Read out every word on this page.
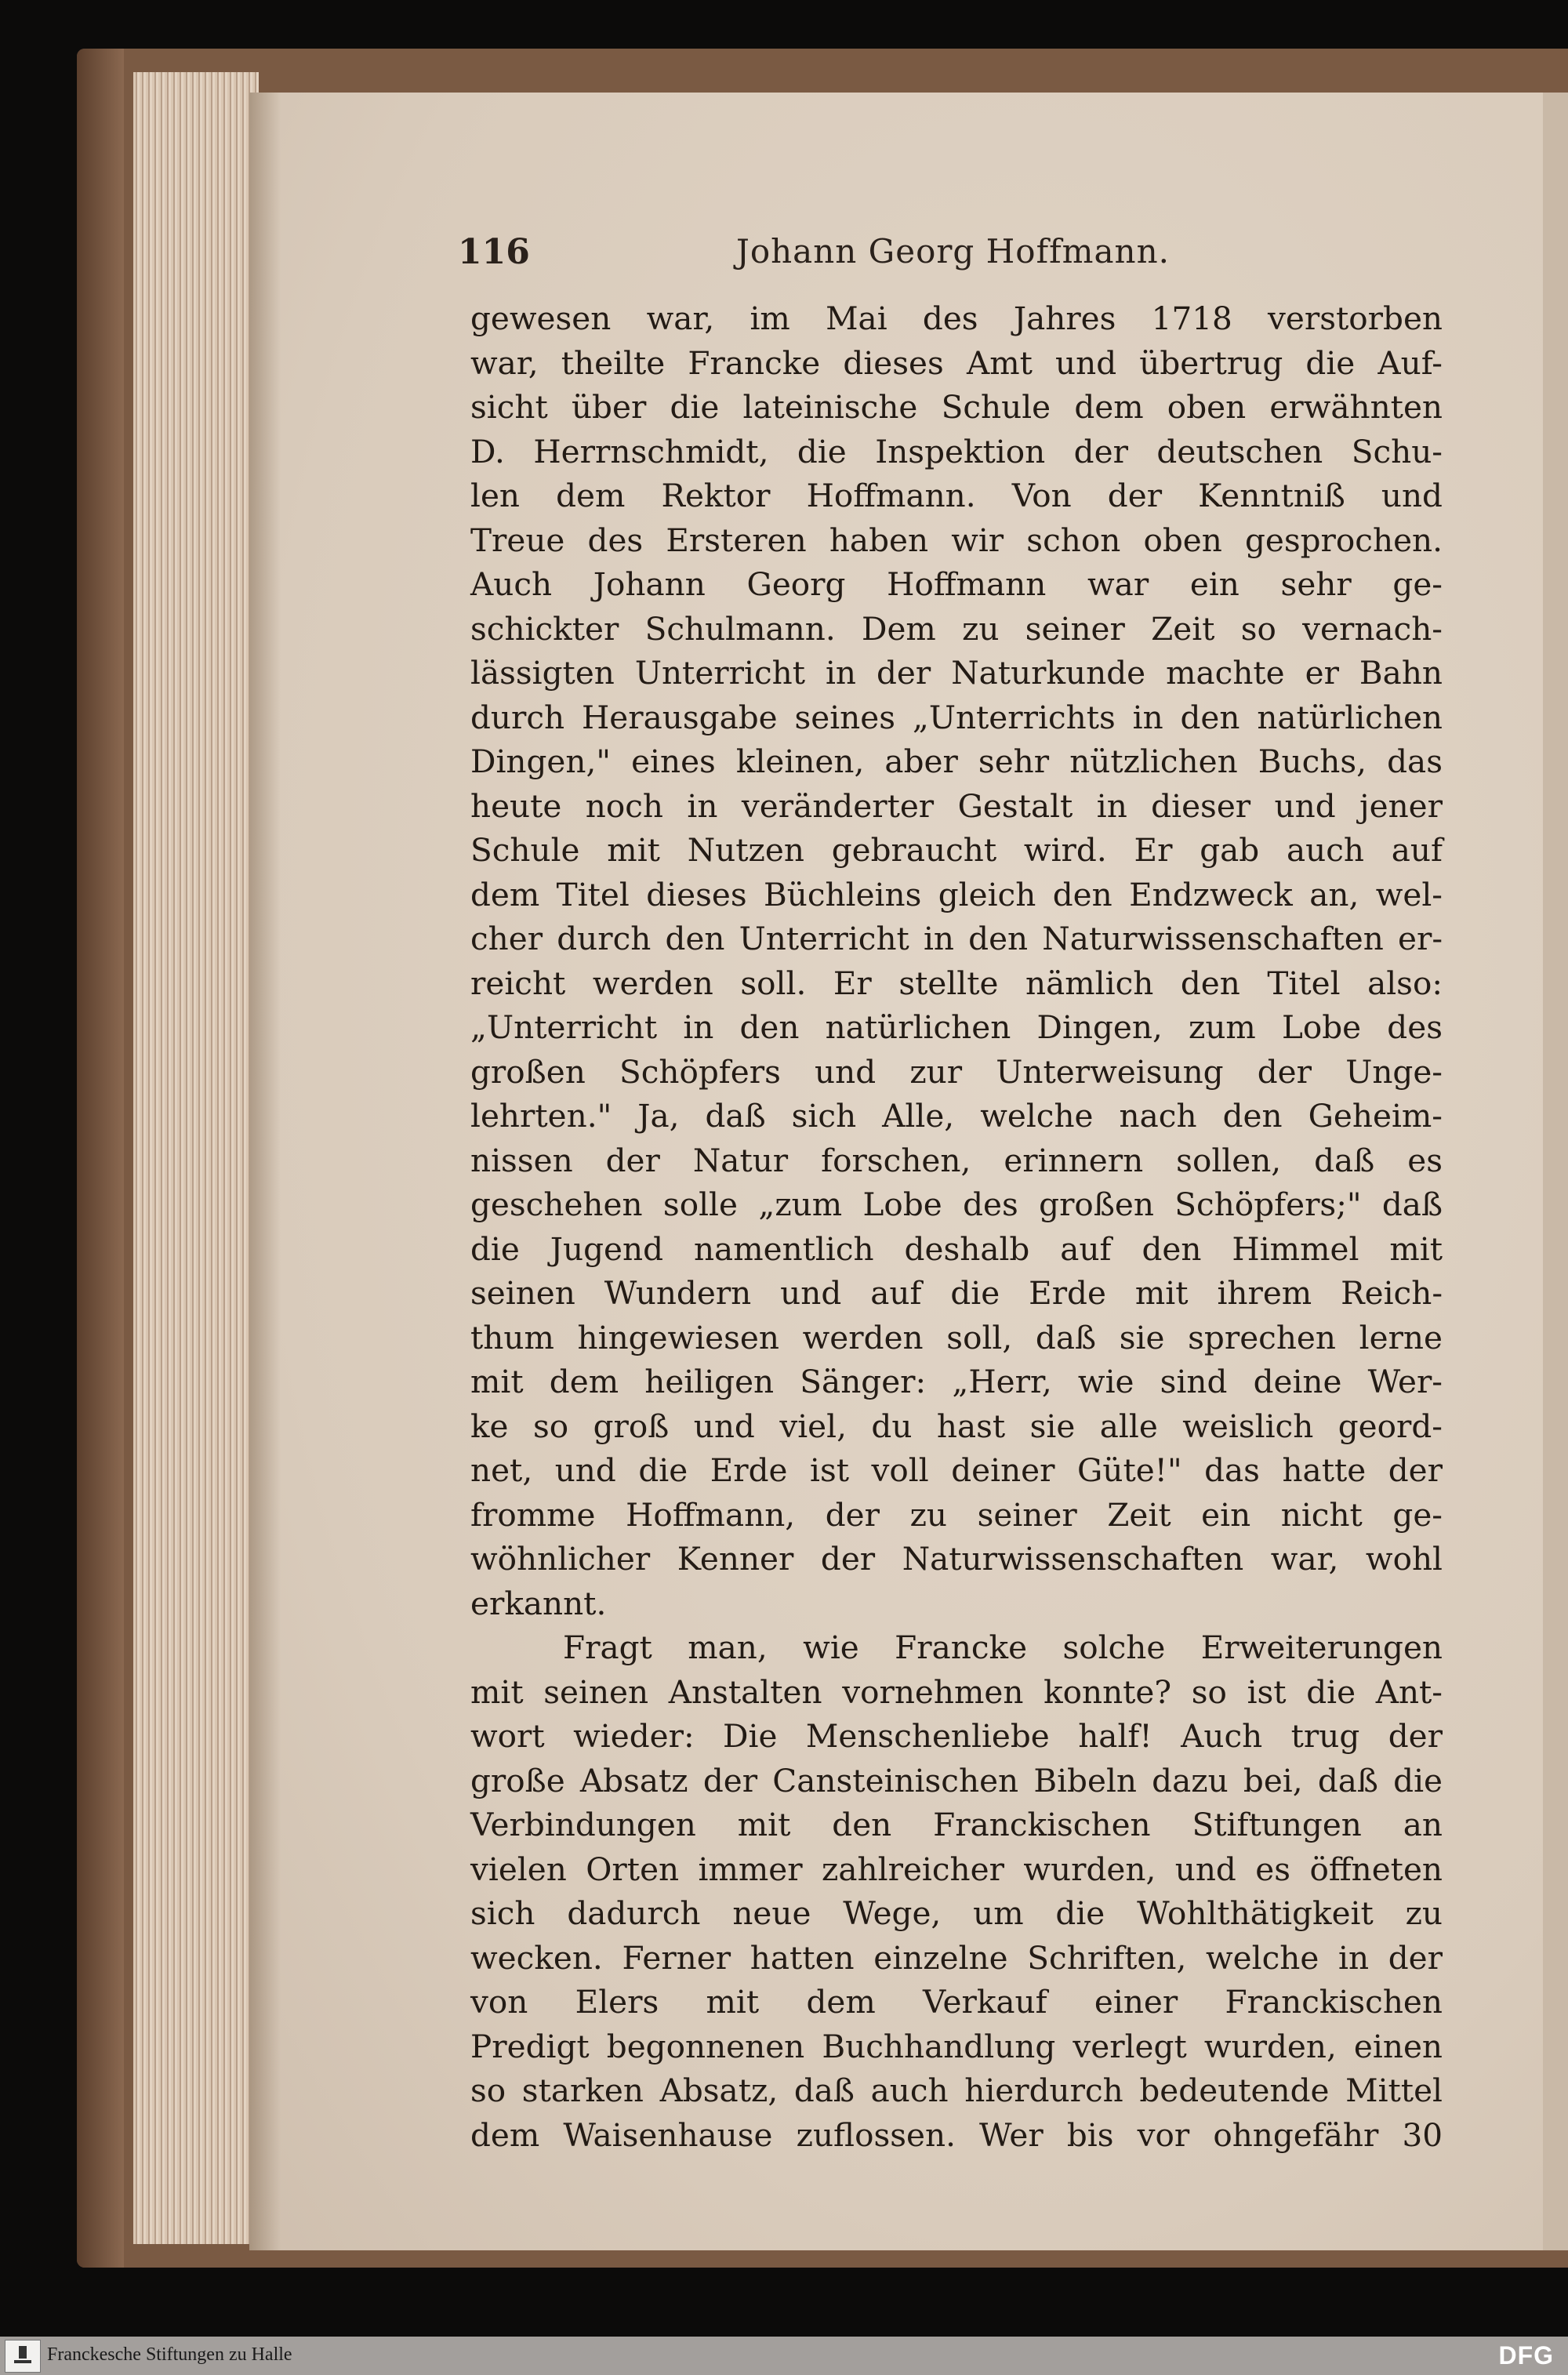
116	Johann Georg Hoffmann.
gewesen war, im Mai des Jahres 1718 verstorben
war, theilte Francke dieses Amt und übertrug die Auf-
sicht über die lateinische Schule dem oben erwähnten
D. Herrnschmidt, die Inspektion der deutschen Schu-
len dem Rektor Hoffmann. Von der Kenntniß und
Treue des Ersteren haben wir schon oben gesprochen.
Auch Johann Georg Hoffmann war ein sehr ge-
schickter Schulmann. Dem zu seiner Zeit so vernach-
lässigten Unterricht in der Naturkunde machte er Bahn
durch Herausgabe seines „Unterrichts in den natürlichen
Dingen," eines kleinen, aber sehr nützlichen Buchs, das
heute noch in veränderter Gestalt in dieser und jener
Schule mit Nutzen gebraucht wird. Er gab auch auf
dem Titel dieses Büchleins gleich den Endzweck an, wel-
cher durch den Unterricht in den Naturwissenschaften er-
reicht werden soll. Er stellte nämlich den Titel also:
„Unterricht in den natürlichen Dingen, zum Lobe des
großen Schöpfers und zur Unterweisung der Unge-
lehrten." Ja, daß sich Alle, welche nach den Geheim-
nissen der Natur forschen, erinnern sollen, daß es
geschehen solle „zum Lobe des großen Schöpfers;" daß
die Jugend namentlich deshalb auf den Himmel mit
seinen Wundern und auf die Erde mit ihrem Reich-
thum hingewiesen werden soll, daß sie sprechen lerne
mit dem heiligen Sänger: „Herr, wie sind deine Wer-
ke so groß und viel, du hast sie alle weislich geord-
net, und die Erde ist voll deiner Güte!" das hatte der
fromme Hoffmann, der zu seiner Zeit ein nicht ge-
wöhnlicher Kenner der Naturwissenschaften war, wohl
erkannt.
Fragt man, wie Francke solche Erweiterungen
mit seinen Anstalten vornehmen konnte? so ist die Ant-
wort wieder: Die Menschenliebe half! Auch trug der
große Absatz der Cansteinischen Bibeln dazu bei, daß die
Verbindungen mit den Franckischen Stiftungen an
vielen Orten immer zahlreicher wurden, und es öffneten
sich dadurch neue Wege, um die Wohlthätigkeit zu
wecken. Ferner hatten einzelne Schriften, welche in der
von Elers mit dem Verkauf einer Franckischen
Predigt begonnenen Buchhandlung verlegt wurden, einen
so starken Absatz, daß auch hierdurch bedeutende Mittel
dem Waisenhause zuflossen. Wer bis vor ohngefähr 30
Franckesche Stiftungen zu Halle	DFG
